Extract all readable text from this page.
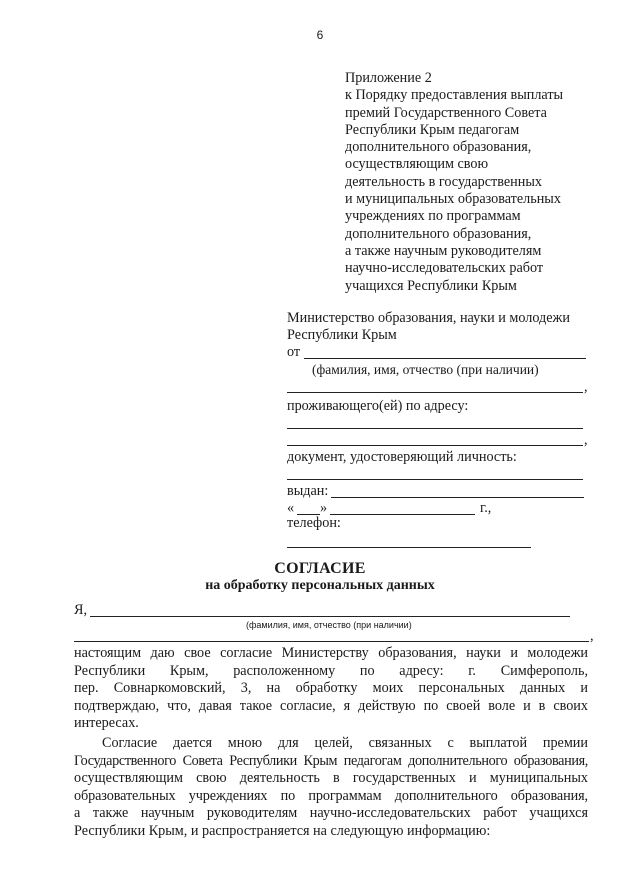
6
Приложение 2
к Порядку предоставления выплаты
премий Государственного Совета
Республики Крым педагогам
дополнительного образования,
осуществляющим свою
деятельность в государственных
и муниципальных образовательных
учреждениях по программам
дополнительного образования,
а также научным руководителям
научно-исследовательских работ
учащихся Республики Крым
Министерство образования, науки и молодежи
Республики Крым
от
(фамилия, имя, отчество (при наличии)
,
проживающего(ей) по адресу:
,
документ, удостоверяющий личность:
выдан:
« »	г.,
телефон:
СОГЛАСИЕ
на обработку персональных данных
Я,
(фамилия, имя, отчество (при наличии)
,
настоящим даю свое согласие Министерству образования, науки и молодежи
Республики Крым, расположенному по адресу: г. Симферополь,
пер. Совнаркомовский, 3, на обработку моих персональных данных и
подтверждаю, что, давая такое согласие, я действую по своей воле и в своих
интересах.
Согласие дается мною для целей, связанных с выплатой премии
Государственного Совета Республики Крым педагогам дополнительного образования,
осуществляющим свою деятельность в государственных и муниципальных
образовательных учреждениях по программам дополнительного образования,
а также научным руководителям научно-исследовательских работ учащихся
Республики Крым, и распространяется на следующую информацию:
